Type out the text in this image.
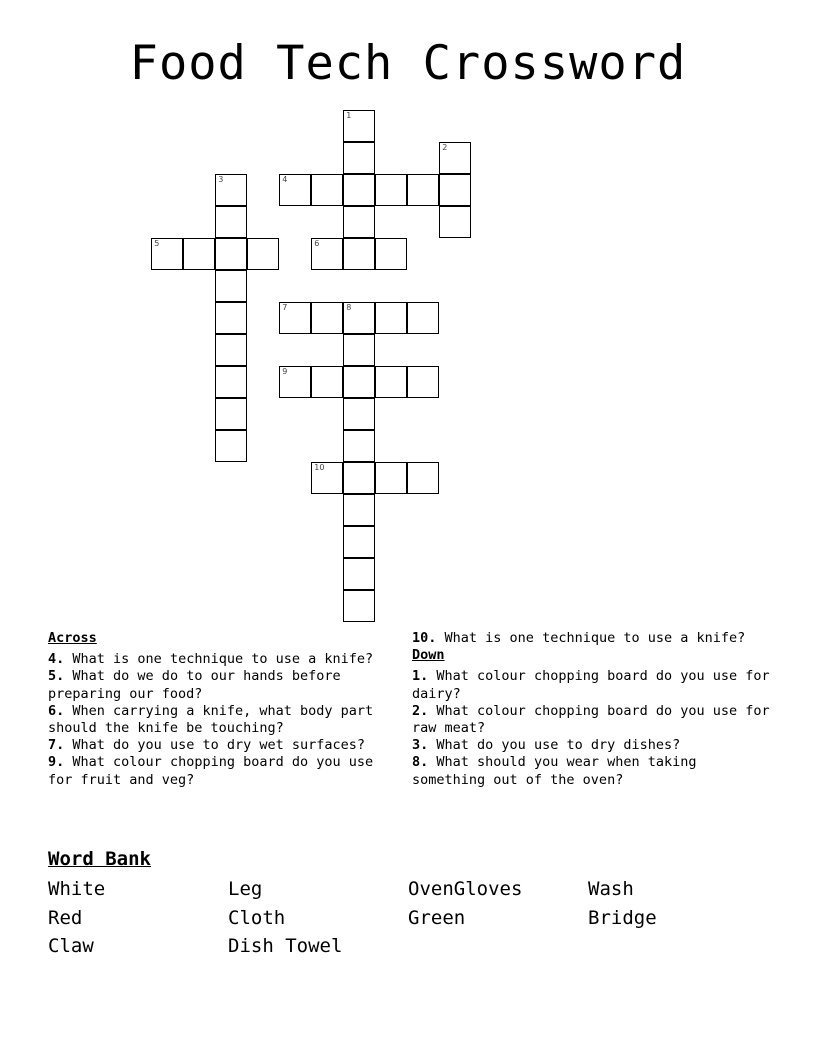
Food Tech Crossword
1
2
3	4
5	6
7	8
9
10
Across
4. What is one technique to use a knife?
5. What do we do to our hands before preparing our food?
6. When carrying a knife, what body part should the knife be touching?
7. What do you use to dry wet surfaces?
9. What colour chopping board do you use for fruit and veg?
10. What is one technique to use a knife?
Down
1. What colour chopping board do you use for dairy?
2. What colour chopping board do you use for raw meat?
3. What do you use to dry dishes?
8. What should you wear when taking something out of the oven?
Word Bank
White	Leg	OvenGloves	Wash
Red	Cloth	Green	Bridge
Claw	Dish Towel
